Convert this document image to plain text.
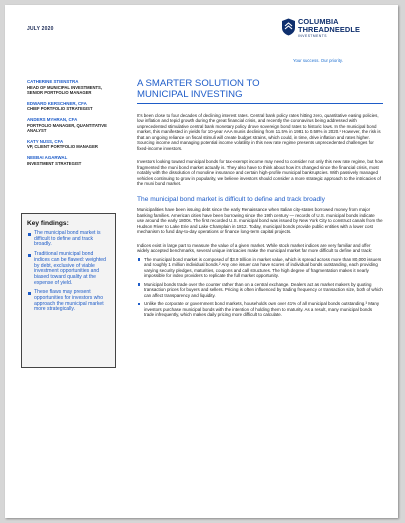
JULY 2020
COLUMBIA
THREADNEEDLE
INVESTMENTS
Your success. Our priority.
CATHERINE STIENSTRA
HEAD OF MUNICIPAL INVESTMENTS, SENIOR PORTFOLIO MANAGER
EDWARD KERSCHNER, CFA
CHIEF PORTFOLIO STRATEGIST
ANDERS MYHRAN, CFA
PORTFOLIO MANAGER, QUANTITATIVE ANALYST
KATY NUSS, CFA
VP, CLIENT PORTFOLIO MANAGER
NEEBAI AGARWAL
INVESTMENT STRATEGIST
Key findings:
The municipal bond market is difficult to define and track broadly.
Traditional municipal bond indices can be flawed: weighted by debt, exclusive of viable investment opportunities and biased toward quality at the expense of yield.
These flaws may present opportunities for investors who approach the municipal market more strategically.
A SMARTER SOLUTION TO
MUNICIPAL INVESTING

It's been close to four decades of declining interest rates. Central bank policy rates hitting zero, quantitative easing policies, low inflation and tepid growth during the great financial crisis, and recently the coronavirus being addressed with unprecedented stimulative central bank monetary policy drove sovereign bond rates to historic lows. In the municipal bond market, this manifested in yields for 10-year AAA munis declining from 11.5% in 1981 to 0.58% in 2020.¹ However, the risk is that an ongoing reliance on fiscal stimuli will create budget strains, which could, in time, drive inflation and rates higher. Sourcing income and managing potential income volatility in this new rate regime presents unprecedented challenges for fixed-income investors.

Investors looking toward municipal bonds for tax-exempt income may need to consider not only this new rate regime, but how fragmented the muni bond market actually is. They also have to think about how it's changed since the financial crisis, most notably with the dissolution of monoline insurance and certain high-profile municipal bankruptcies. With passively managed vehicles continuing to grow in popularity, we believe investors should consider a more strategic approach to the intricacies of the muni bond market.

The municipal bond market is difficult to define and track broadly

Municipalities have been issuing debt since the early Renaissance when Italian city-states borrowed money from major banking families. American cities have been borrowing since the 19th century — records of U.S. municipal bonds indicate use around the early 1800s. The first recorded U.S. municipal bond was issued by New York City to construct canals from the Hudson River to Lake Erie and Lake Champlain in 1812. Today, municipal bonds provide public entities with a lower cost mechanism to fund day-to-day operations or finance long-term capital projects.

Indices exist in large part to measure the value of a given market. While stock market indices are very familiar and offer widely accepted benchmarks, several unique intricacies make the municipal market far more difficult to define and track:

The municipal bond market is composed of $3.9 trillion in market value, which is spread across more than 80,000 issuers and roughly 1 million individual bonds.² Any one issuer can have scores of individual bonds outstanding, each providing varying security pledges, maturities, coupons and call structures. The high degree of fragmentation makes it nearly impossible for index providers to replicate the full market opportunity.
Municipal bonds trade over the counter rather than on a central exchange. Dealers act as market makers by quoting transaction prices for buyers and sellers. Pricing is often influenced by trading frequency or transaction size, both of which can affect transparency and liquidity.
Unlike the corporate or government bond markets, households own over 41% of all municipal bonds outstanding.³ Many investors purchase municipal bonds with the intention of holding them to maturity. As a result, many municipal bonds trade infrequently, which makes daily pricing more difficult to calculate.
